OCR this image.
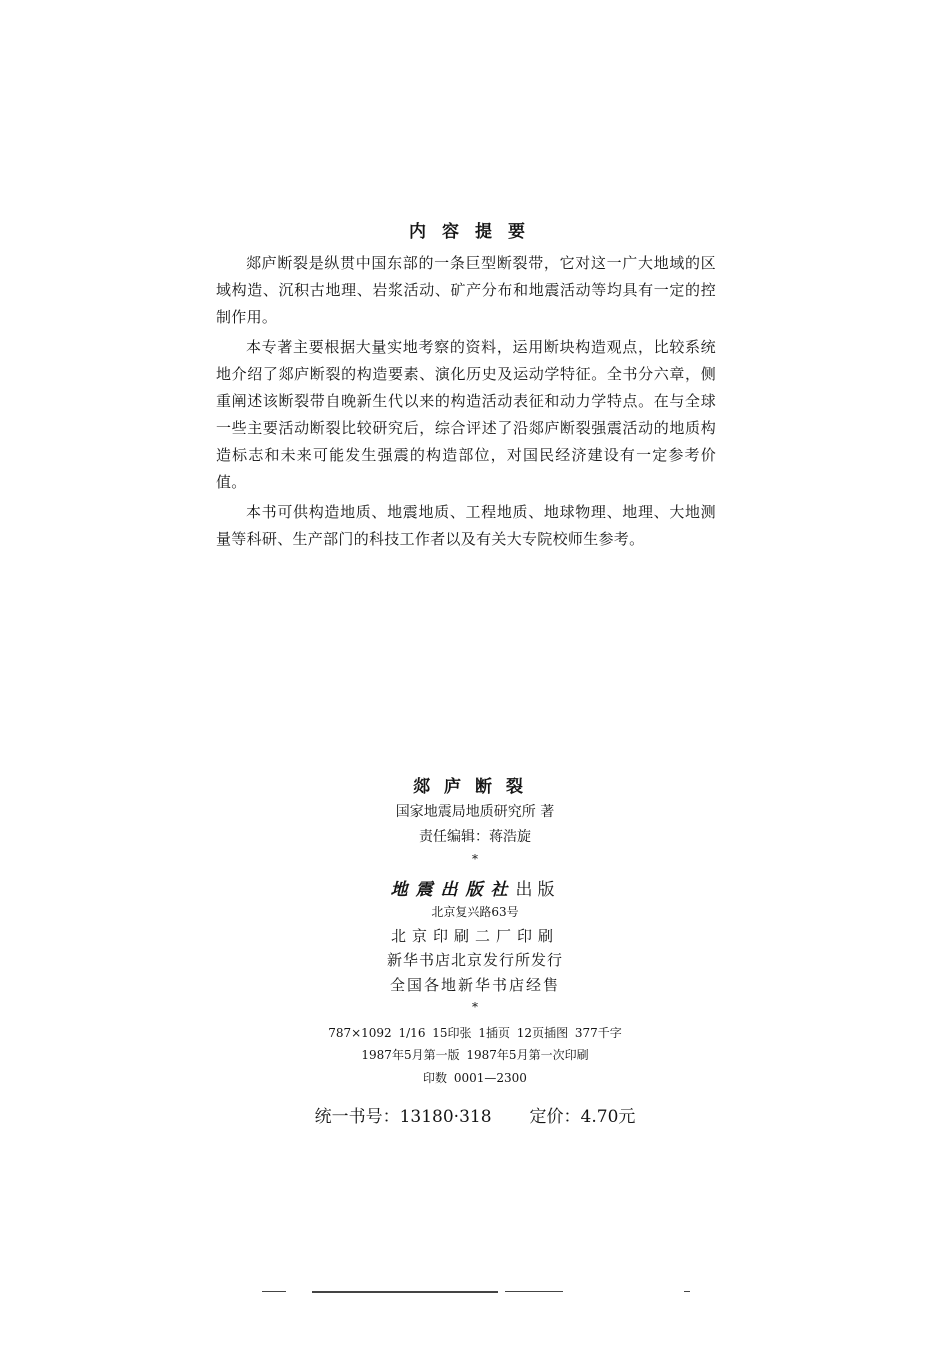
内容提要

郯庐断裂是纵贯中国东部的一条巨型断裂带，它对这一广大地域的区域构造、沉积古地理、岩浆活动、矿产分布和地震活动等均具有一定的控制作用。

本专著主要根据大量实地考察的资料，运用断块构造观点，比较系统地介绍了郯庐断裂的构造要素、演化历史及运动学特征。全书分六章，侧重阐述该断裂带自晚新生代以来的构造活动表征和动力学特点。在与全球一些主要活动断裂比较研究后，综合评述了沿郯庐断裂强震活动的地质构造标志和未来可能发生强震的构造部位，对国民经济建设有一定参考价值。

本书可供构造地质、地震地质、工程地质、地球物理、地理、大地测量等科研、生产部门的科技工作者以及有关大专院校师生参考。

郯庐断裂
国家地震局地质研究所 著
责任编辑：蒋浩旋
*
地震出版社出版
北京复兴路63号
北京印刷二厂印刷
新华书店北京发行所发行
全国各地新华书店经售
*
787×1092 1/16 15印张 1插页 12页插图 377千字
1987年5月第一版 1987年5月第一次印刷
印数 0001—2300
统一书号：13180·318 定价：4.70元
